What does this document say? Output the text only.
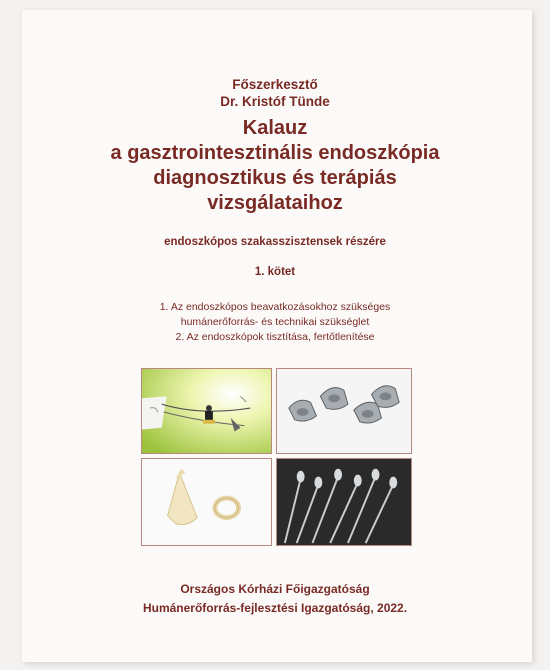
Főszerkesztő
Dr. Kristóf Tünde
Kalauz
a gasztrointesztinális endoszkópia
diagnosztikus és terápiás
vizsgálataihoz
endoszkópos szakasszisztensek részére
1. kötet
1. Az endoszkópos beavatkozásokhoz szükséges
humánerőforrás- és technikai szükséglet
2. Az endoszkópok tisztítása, fertőtlenítése
Országos Kórházi Főigazgatóság
Humánerőforrás-fejlesztési Igazgatóság, 2022.
